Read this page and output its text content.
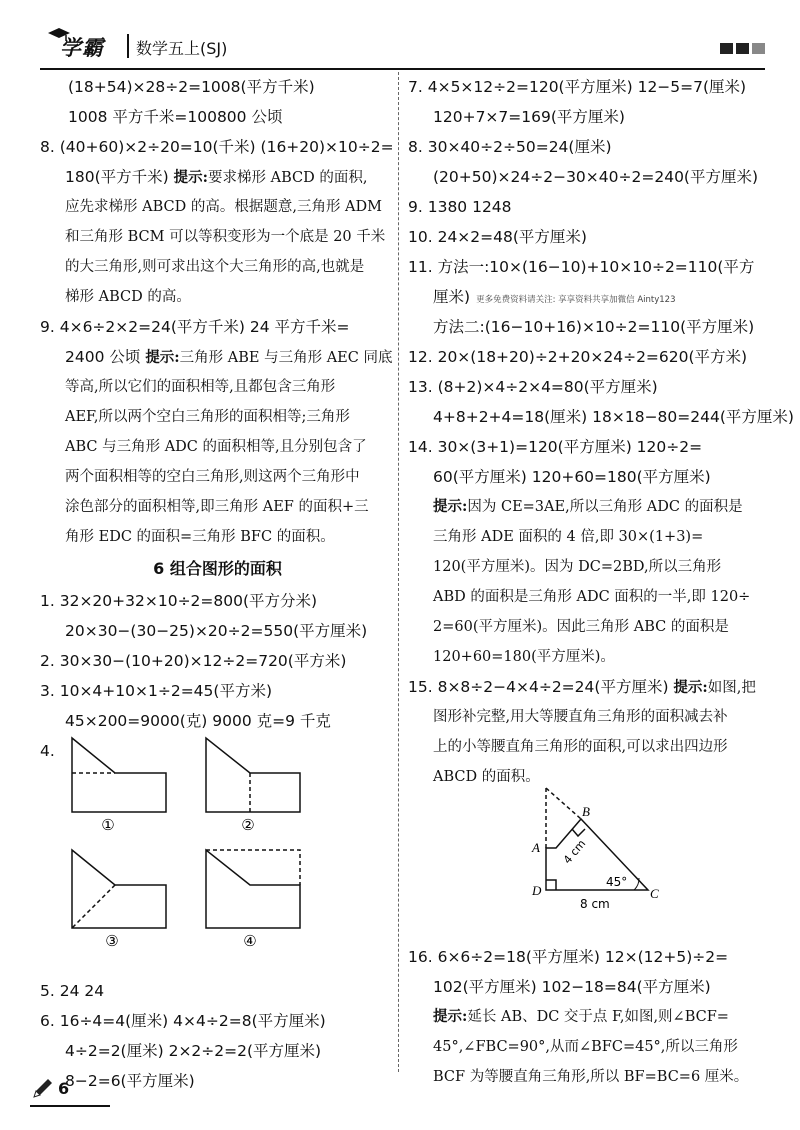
学霸 数学五上(SJ)
(18+54)×28÷2=1008(平方千米)
1008 平方千米=100800 公顷
8. (40+60)×2÷20=10(千米) (16+20)×10÷2=
180(平方千米) 提示:要求梯形 ABCD 的面积,
应先求梯形 ABCD 的高。根据题意,三角形 ADM
和三角形 BCM 可以等积变形为一个底是 20 千米
的大三角形,则可求出这个大三角形的高,也就是
梯形 ABCD 的高。
9. 4×6÷2×2=24(平方千米) 24 平方千米=
2400 公顷 提示:三角形 ABE 与三角形 AEC 同底
等高,所以它们的面积相等,且都包含三角形
AEF,所以两个空白三角形的面积相等;三角形
ABC 与三角形 ADC 的面积相等,且分别包含了
两个面积相等的空白三角形,则这两个三角形中
涂色部分的面积相等,即三角形 AEF 的面积+三
角形 EDC 的面积=三角形 BFC 的面积。
6 组合图形的面积
1. 32×20+32×10÷2=800(平方分米)
20×30−(30−25)×20÷2=550(平方厘米)
2. 30×30−(10+20)×12÷2=720(平方米)
3. 10×4+10×1÷2=45(平方米)
45×200=9000(克) 9000 克=9 千克
4.
5. 24 24
6. 16÷4=4(厘米) 4×4÷2=8(平方厘米)
4÷2=2(厘米) 2×2÷2=2(平方厘米)
8−2=6(平方厘米)
①	②
③	④
7. 4×5×12÷2=120(平方厘米) 12−5=7(厘米)
120+7×7=169(平方厘米)
8. 30×40÷2÷50=24(厘米)
(20+50)×24÷2−30×40÷2=240(平方厘米)
9. 1380 1248
10. 24×2=48(平方厘米)
11. 方法一:10×(16−10)+10×10÷2=110(平方
厘米) 更多免费资料请关注: 享享资料共享加微信 Ainty123
方法二:(16−10+16)×10÷2=110(平方厘米)
12. 20×(18+20)÷2+20×24÷2=620(平方米)
13. (8+2)×4÷2×4=80(平方厘米)
4+8+2+4=18(厘米) 18×18−80=244(平方厘米)
14. 30×(3+1)=120(平方厘米) 120÷2=
60(平方厘米) 120+60=180(平方厘米)
提示:因为 CE=3AE,所以三角形 ADC 的面积是
三角形 ADE 面积的 4 倍,即 30×(1+3)=
120(平方厘米)。因为 DC=2BD,所以三角形
ABD 的面积是三角形 ADC 面积的一半,即 120÷
2=60(平方厘米)。因此三角形 ABC 的面积是
120+60=180(平方厘米)。
15. 8×8÷2−4×4÷2=24(平方厘米) 提示:如图,把
图形补完整,用大等腰直角三角形的面积减去补
上的小等腰直角三角形的面积,可以求出四边形
ABCD 的面积。
16. 6×6÷2=18(平方厘米) 12×(12+5)÷2=
102(平方厘米) 102−18=84(平方厘米)
提示:延长 AB、DC 交于点 F,如图,则∠BCF=
45°,∠FBC=90°,从而∠BFC=45°,所以三角形
BCF 为等腰直角三角形,所以 BF=BC=6 厘米。
A
B
C
D
4 cm
8 cm
45°
6
